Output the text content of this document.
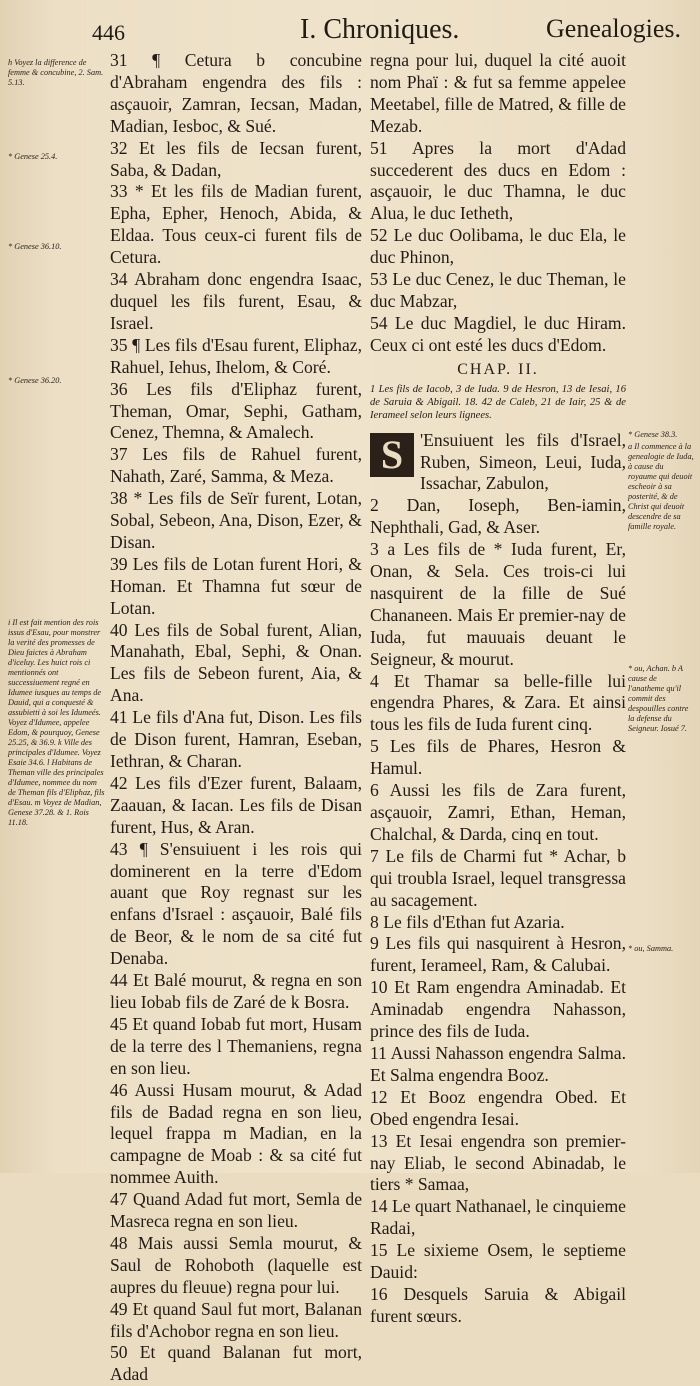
446	I. Chroniques.	Genealogies.
h Voyez la difference de femme & concubine, 2. Sam. 5.13.
* Genese 25.4.
* Genese 36.10.
* Genese 36.20.
i Il est fait mention des rois issus d'Esau, pour monstrer la verité des promesses de Dieu faictes à Abraham d'iceluy. Les huict rois ci mentionnés ont successiuement regné en Idumee iusques au temps de Dauid, qui a conquesté & assubietti à soi les Idumeés. Voyez d'Idumee, appelee Edom, & pourquoy, Genese 25.25, & 36.9. k Ville des principales d'Idumee. Voyez Esaie 34.6. l Habitans de Theman ville des principales d'Idumee, nommee du nom de Theman fils d'Eliphaz, fils d'Esau. m Voyez de Madian, Genese 37.28. & 1. Rois 11.18.

31 ¶ Cetura b concubine d'Abraham engendra des fils : asçauoir, Zamran, Iecsan, Madan, Madian, Iesboc, & Sué.

32 Et les fils de Iecsan furent, Saba, & Dadan,

33 * Et les fils de Madian furent, Epha, Epher, Henoch, Abida, & Eldaa. Tous ceux-ci furent fils de Cetura.

34 Abraham donc engendra Isaac, duquel les fils furent, Esau, & Israel.

35 ¶ Les fils d'Esau furent, Eliphaz, Rahuel, Iehus, Ihelom, & Coré.

36 Les fils d'Eliphaz furent, Theman, Omar, Sephi, Gatham, Cenez, Themna, & Amalech.

37 Les fils de Rahuel furent, Nahath, Zaré, Samma, & Meza.

38 * Les fils de Seïr furent, Lotan, Sobal, Sebeon, Ana, Dison, Ezer, & Disan.

39 Les fils de Lotan furent Hori, & Homan. Et Thamna fut sœur de Lotan.

40 Les fils de Sobal furent, Alian, Manahath, Ebal, Sephi, & Onan. Les fils de Sebeon furent, Aia, & Ana.

41 Le fils d'Ana fut, Dison. Les fils de Dison furent, Hamran, Eseban, Iethran, & Charan.

42 Les fils d'Ezer furent, Balaam, Zaauan, & Iacan. Les fils de Disan furent, Hus, & Aran.

43 ¶ S'ensuiuent i les rois qui dominerent en la terre d'Edom auant que Roy regnast sur les enfans d'Israel : asçauoir, Balé fils de Beor, & le nom de sa cité fut Denaba.

44 Et Balé mourut, & regna en son lieu Iobab fils de Zaré de k Bosra.

45 Et quand Iobab fut mort, Husam de la terre des l Themaniens, regna en son lieu.

46 Aussi Husam mourut, & Adad fils de Badad regna en son lieu, lequel frappa m Madian, en la campagne de Moab : & sa cité fut nommee Auith.

47 Quand Adad fut mort, Semla de Masreca regna en son lieu.

48 Mais aussi Semla mourut, & Saul de Rohoboth (laquelle est aupres du fleuue) regna pour lui.

49 Et quand Saul fut mort, Balanan fils d'Achobor regna en son lieu.

50 Et quand Balanan fut mort, Adad

regna pour lui, duquel la cité auoit nom Phaï : & fut sa femme appelee Meetabel, fille de Matred, & fille de Mezab.

51 Apres la mort d'Adad succederent des ducs en Edom : asçauoir, le duc Thamna, le duc Alua, le duc Ietheth,

52 Le duc Oolibama, le duc Ela, le duc Phinon,

53 Le duc Cenez, le duc Theman, le duc Mabzar,

54 Le duc Magdiel, le duc Hiram. Ceux ci ont esté les ducs d'Edom.

CHAP. II.

1 Les fils de Iacob, 3 de Iuda. 9 de Hesron, 13 de Iesai, 16 de Saruia & Abigail. 18. 42 de Caleb, 21 de Iair, 25 & de Ierameel selon leurs lignees.

S 'Ensuiuent les fils d'Israel, Ruben, Simeon, Leui, Iuda, Issachar, Zabulon,

2 Dan, Ioseph, Ben-iamin, Nephthali, Gad, & Aser.

3 a Les fils de * Iuda furent, Er, Onan, & Sela. Ces trois-ci lui nasquirent de la fille de Sué Chananeen. Mais Er premier-nay de Iuda, fut mauuais deuant le Seigneur, & mourut.

4 Et Thamar sa belle-fille lui engendra Phares, & Zara. Et ainsi tous les fils de Iuda furent cinq.

5 Les fils de Phares, Hesron & Hamul.

6 Aussi les fils de Zara furent, asçauoir, Zamri, Ethan, Heman, Chalchal, & Darda, cinq en tout.

7 Le fils de Charmi fut * Achar, b qui troubla Israel, lequel transgressa au sacagement.

8 Le fils d'Ethan fut Azaria.

9 Les fils qui nasquirent à Hesron, furent, Ierameel, Ram, & Calubai.

10 Et Ram engendra Aminadab. Et Aminadab engendra Nahasson, prince des fils de Iuda.

11 Aussi Nahasson engendra Salma. Et Salma engendra Booz.

12 Et Booz engendra Obed. Et Obed engendra Iesai.

13 Et Iesai engendra son premier-nay Eliab, le second Abinadab, le tiers * Samaa,

14 Le quart Nathanael, le cinquieme Radai,

15 Le sixieme Osem, le septieme Dauid:

16 Desquels Saruia & Abigail furent sœurs.

* Genese 38.3.
a Il commence à la genealogie de Iuda, à cause du royaume qui deuoit escheoir à sa posterité, & de Christ qui deuoit descendre de sa famille royale.
* ou, Achan. b A cause de l'anatheme qu'il commit des despouilles contre la defense du Seigneur. Iosué 7.
* ou, Samma.
